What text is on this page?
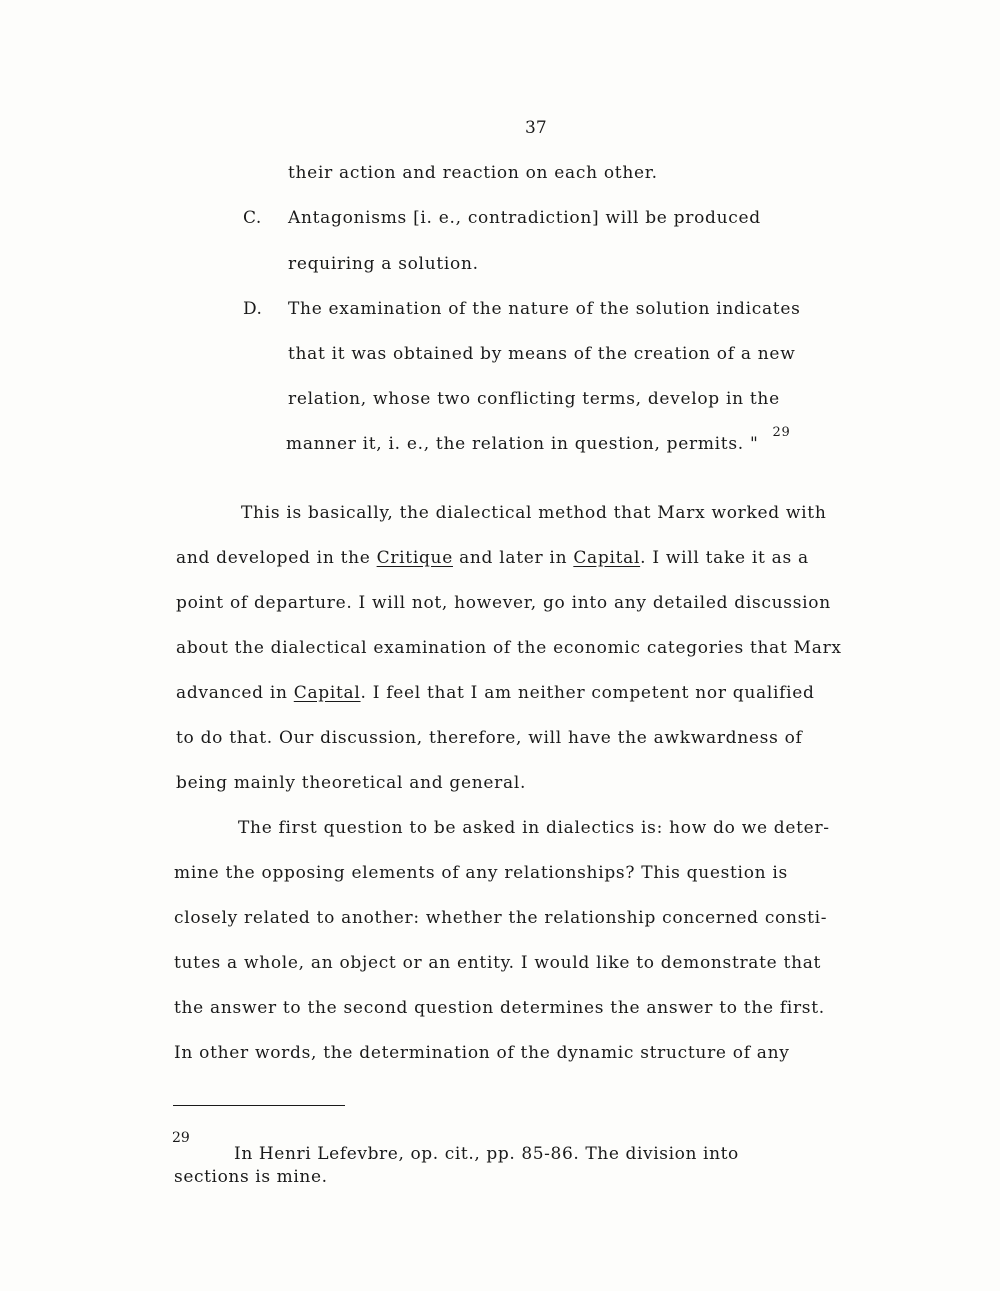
37
their action and reaction on each other.
C. Antagonisms [i. e., contradiction] will be produced
requiring a solution.
D. The examination of the nature of the solution indicates
that it was obtained by means of the creation of a new
relation, whose two conflicting terms, develop in the
manner it, i. e., the relation in question, permits. "$^{29}$
This is basically, the dialectical method that Marx worked with
and developed in the Critique and later in Capital. I will take it as a
point of departure. I will not, however, go into any detailed discussion
about the dialectical examination of the economic categories that Marx
advanced in Capital. I feel that I am neither competent nor qualified
to do that. Our discussion, therefore, will have the awkwardness of
being mainly theoretical and general.
The first question to be asked in dialectics is: how do we deter-
mine the opposing elements of any relationships? This question is
closely related to another: whether the relationship concerned consti-
tutes a whole, an object or an entity. I would like to demonstrate that
the answer to the second question determines the answer to the first.
In other words, the determination of the dynamic structure of any
29
In Henri Lefevbre, op. cit., pp. 85-86. The division into
sections is mine.
